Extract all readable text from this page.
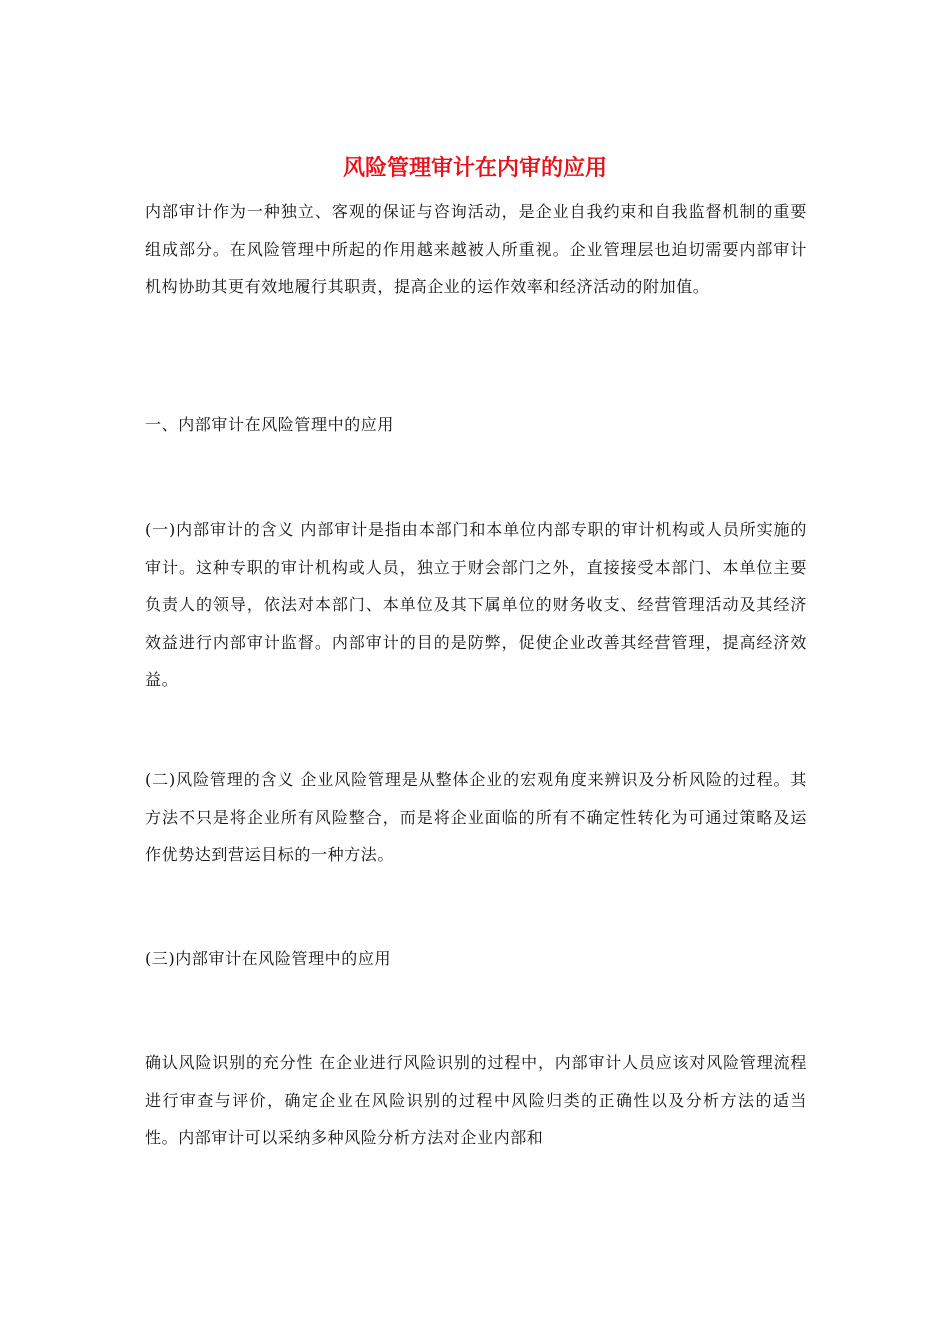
风险管理审计在内审的应用

内部审计作为一种独立、客观的保证与咨询活动，是企业自我约束和自我监督机制的重要组成部分。在风险管理中所起的作用越来越被人所重视。企业管理层也迫切需要内部审计机构协助其更有效地履行其职责，提高企业的运作效率和经济活动的附加值。

一、内部审计在风险管理中的应用

(一)内部审计的含义 内部审计是指由本部门和本单位内部专职的审计机构或人员所实施的审计。这种专职的审计机构或人员，独立于财会部门之外，直接接受本部门、本单位主要负责人的领导，依法对本部门、本单位及其下属单位的财务收支、经营管理活动及其经济效益进行内部审计监督。内部审计的目的是防弊，促使企业改善其经营管理，提高经济效益。

(二)风险管理的含义 企业风险管理是从整体企业的宏观角度来辨识及分析风险的过程。其方法不只是将企业所有风险整合，而是将企业面临的所有不确定性转化为可通过策略及运作优势达到营运目标的一种方法。

(三)内部审计在风险管理中的应用

确认风险识别的充分性 在企业进行风险识别的过程中，内部审计人员应该对风险管理流程进行审查与评价，确定企业在风险识别的过程中风险归类的正确性以及分析方法的适当性。内部审计可以采纳多种风险分析方法对企业内部和
